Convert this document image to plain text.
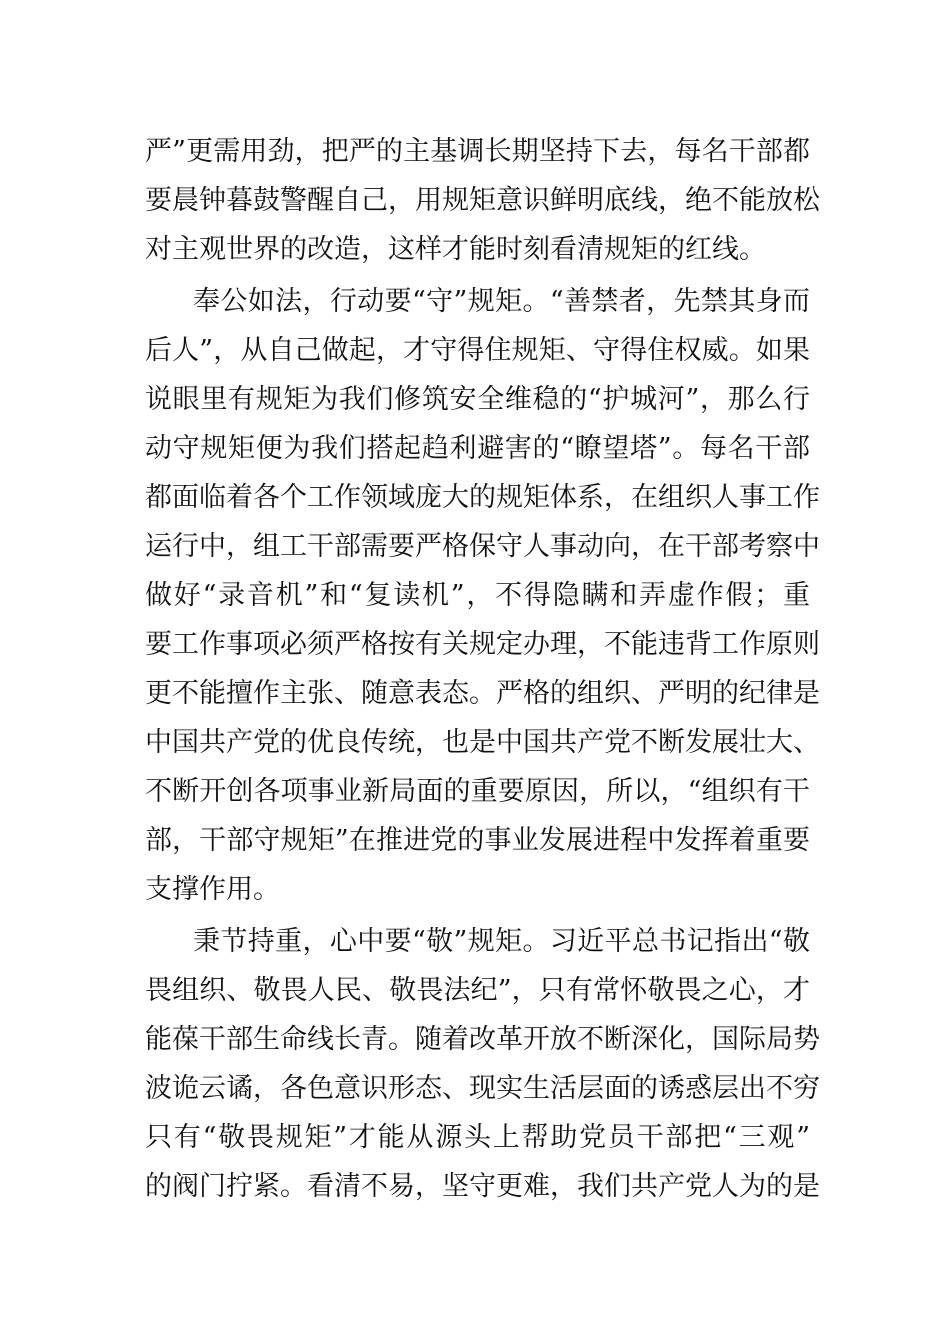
严”更需用劲，把严的主基调长期坚持下去，每名干部都
要晨钟暮鼓警醒自己，用规矩意识鲜明底线，绝不能放松
对主观世界的改造，这样才能时刻看清规矩的红线。
奉公如法，行动要“守”规矩。“善禁者，先禁其身而
后人”，从自己做起，才守得住规矩、守得住权威。如果
说眼里有规矩为我们修筑安全维稳的“护城河”，那么行
动守规矩便为我们搭起趋利避害的“瞭望塔”。每名干部
都面临着各个工作领域庞大的规矩体系，在组织人事工作
运行中，组工干部需要严格保守人事动向，在干部考察中
做好“录音机”和“复读机”，不得隐瞒和弄虚作假；重
要工作事项必须严格按有关规定办理，不能违背工作原则
更不能擅作主张、随意表态。严格的组织、严明的纪律是
中国共产党的优良传统，也是中国共产党不断发展壮大、
不断开创各项事业新局面的重要原因，所以，“组织有干
部，干部守规矩”在推进党的事业发展进程中发挥着重要
支撑作用。
秉节持重，心中要“敬”规矩。习近平总书记指出“敬
畏组织、敬畏人民、敬畏法纪”，只有常怀敬畏之心，才
能葆干部生命线长青。随着改革开放不断深化，国际局势
波诡云谲，各色意识形态、现实生活层面的诱惑层出不穷
只有“敬畏规矩”才能从源头上帮助党员干部把“三观”
的阀门拧紧。看清不易，坚守更难，我们共产党人为的是
